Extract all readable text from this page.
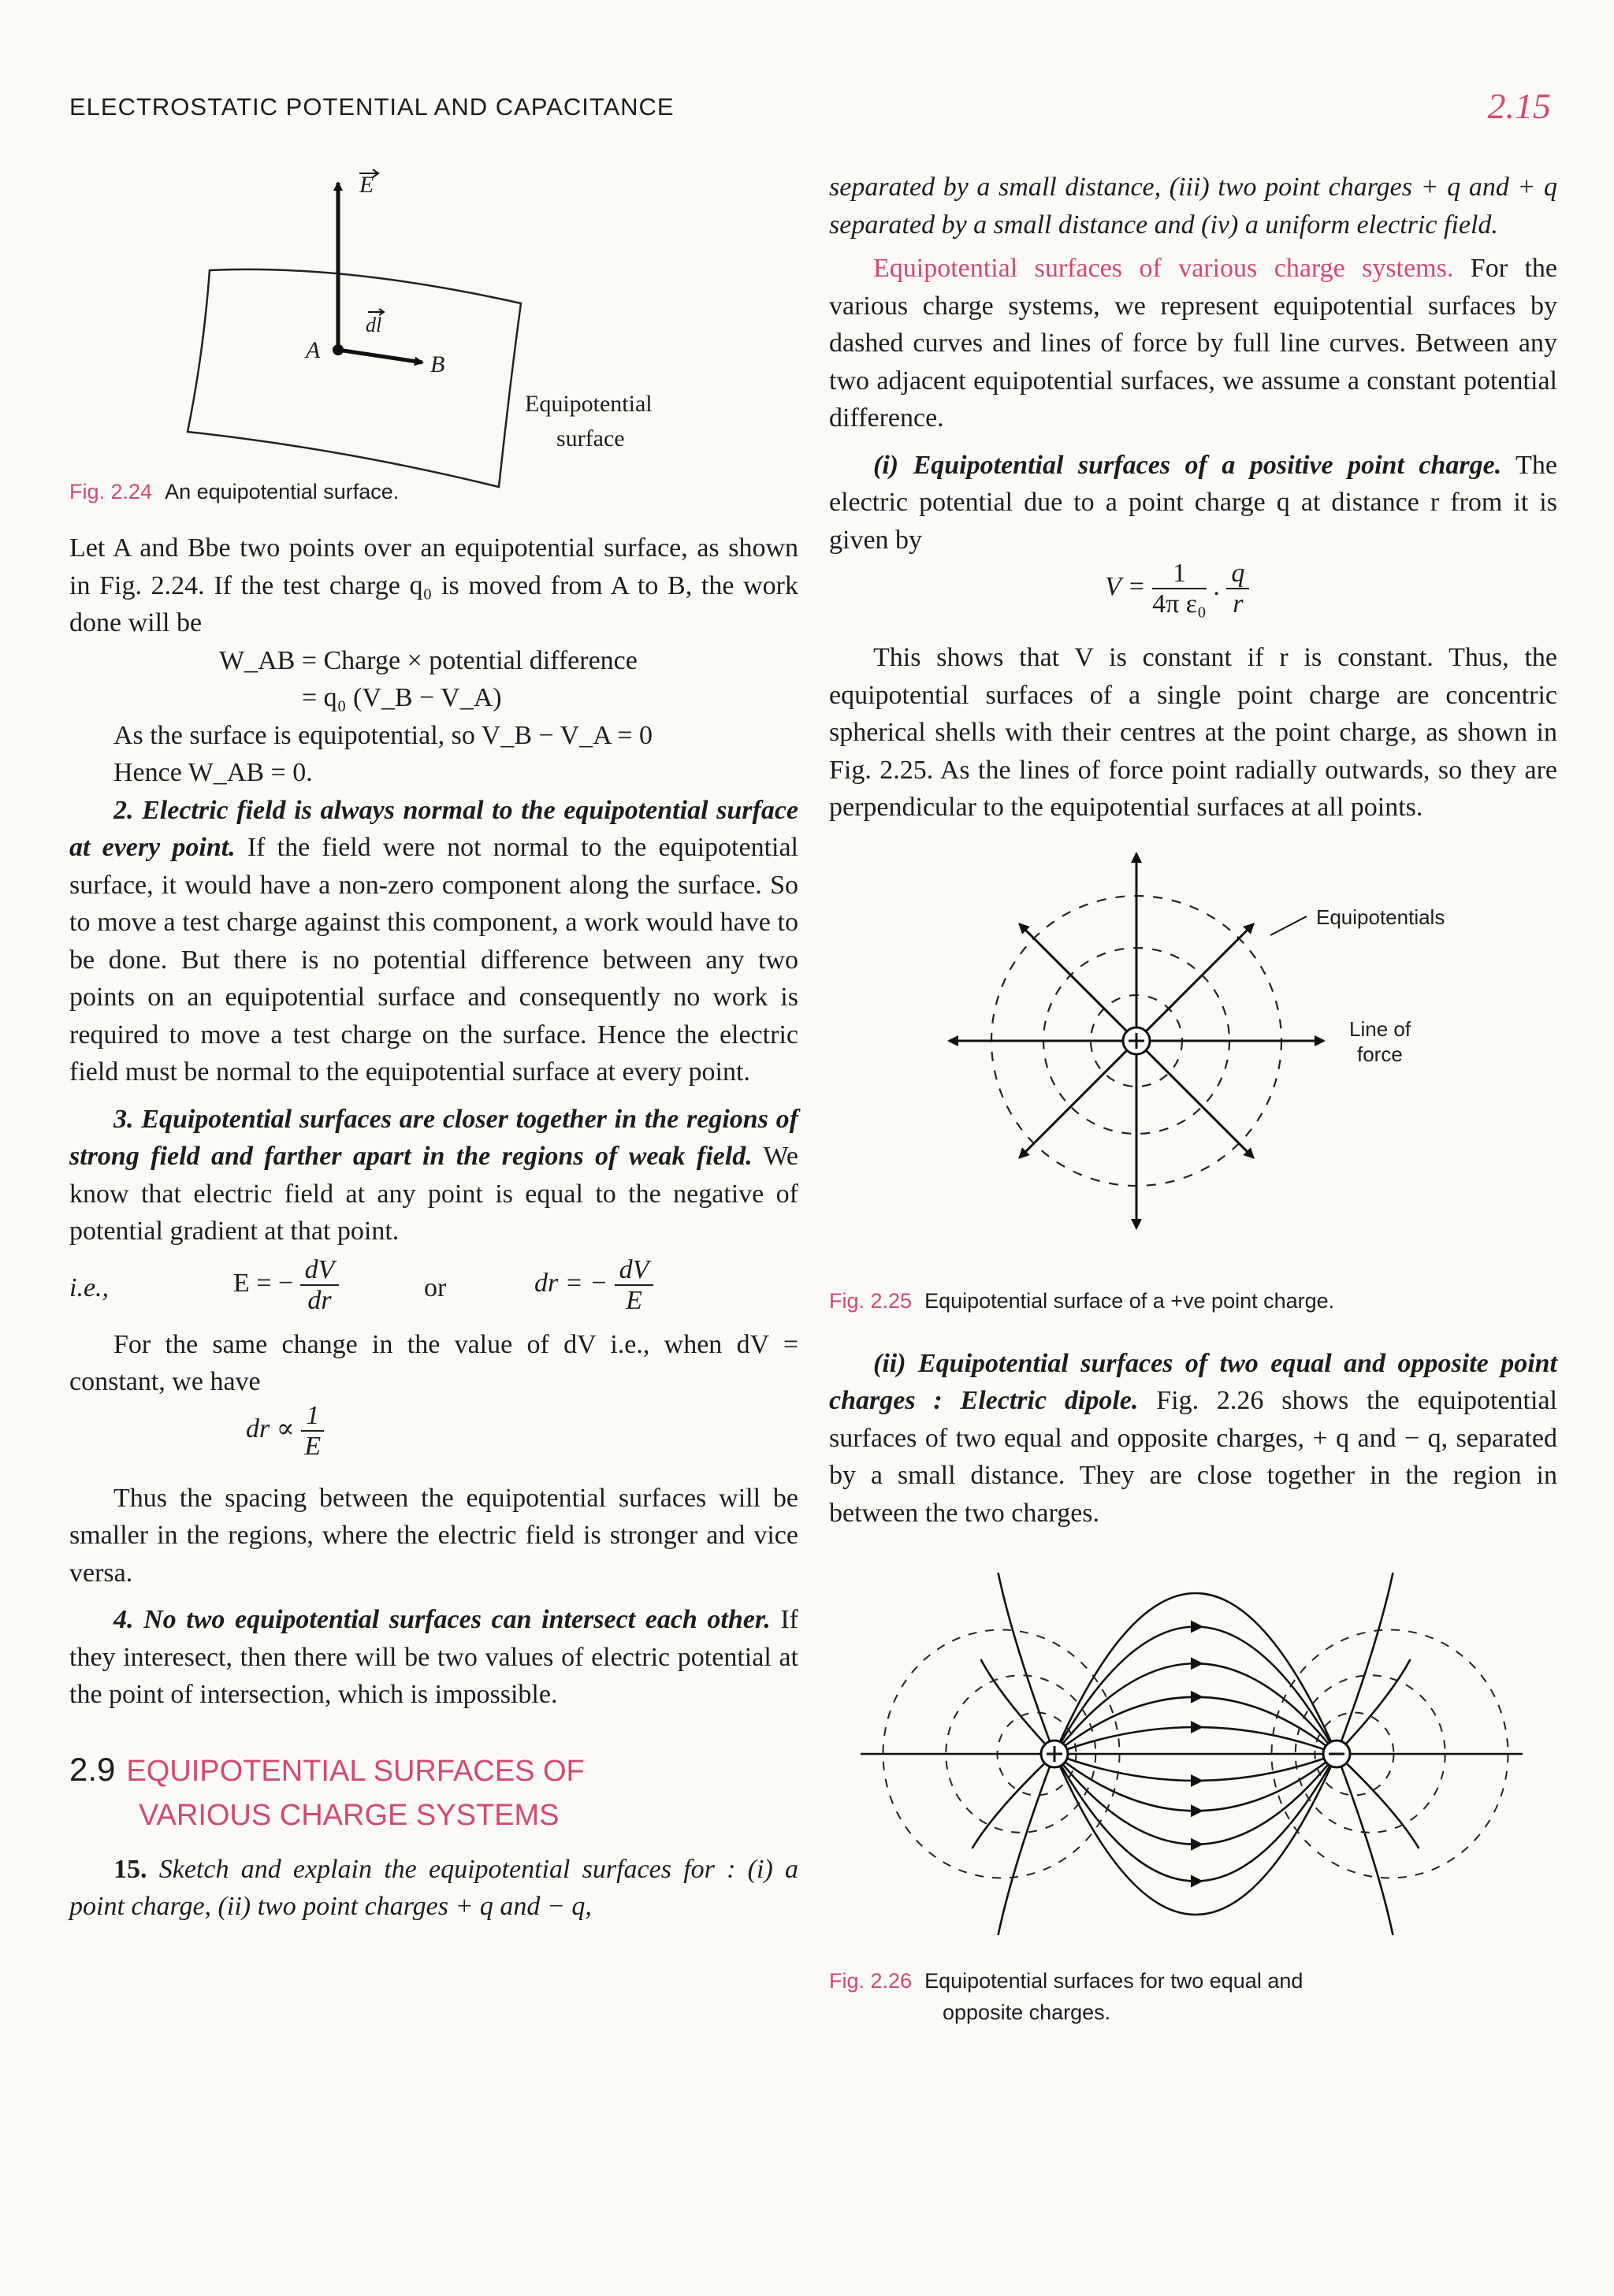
ELECTROSTATIC POTENTIAL AND CAPACITANCE	2.15
E
dl
A
B
Equipotential
surface
Fig. 2.24 An equipotential surface.

Let A and Bbe two points over an equipotential surface, as shown in Fig. 2.24. If the test charge q₀ is moved from A to B, the work done will be

W_AB = Charge × potential difference

= q₀ (V_B − V_A)

As the surface is equipotential, so V_B − V_A = 0

Hence W_AB = 0.

2. Electric field is always normal to the equipotential surface at every point. If the field were not normal to the equipotential surface, it would have a non-zero component along the surface. So to move a test charge against this component, a work would have to be done. But there is no potential difference between any two points on an equipotential surface and consequently no work is required to move a test charge on the surface. Hence the electric field must be normal to the equipotential surface at every point.

3. Equipotential surfaces are closer together in the regions of strong field and farther apart in the regions of weak field. We know that electric field at any point is equal to the negative of potential gradient at that point.

i.e.,	E = − $\frac{dV}{dr}$	or	dr = − $\frac{dV}{E}$

For the same change in the value of dV i.e., when dV = constant, we have

dr ∝ $\frac{1}{E}$

Thus the spacing between the equipotential surfaces will be smaller in the regions, where the electric field is stronger and vice versa.

4. No two equipotential surfaces can intersect each other. If they interesect, then there will be two values of electric potential at the point of intersection, which is impossible.

2.9 EQUIPOTENTIAL SURFACES OF
VARIOUS CHARGE SYSTEMS

15. Sketch and explain the equipotential surfaces for : (i) a point charge, (ii) two point charges + q and − q,

separated by a small distance, (iii) two point charges + q and + q separated by a small distance and (iv) a uniform electric field.

Equipotential surfaces of various charge systems. For the various charge systems, we represent equipotential surfaces by dashed curves and lines of force by full line curves. Between any two adjacent equipotential surfaces, we assume a constant potential difference.

(i) Equipotential surfaces of a positive point charge. The electric potential due to a point charge q at distance r from it is given by

$V = \frac{1}{\text{4π ε₀}}$ . $\frac{q}{r}$

This shows that V is constant if r is constant. Thus, the equipotential surfaces of a single point charge are concentric spherical shells with their centres at the point charge, as shown in Fig. 2.25. As the lines of force point radially outwards, so they are perpendicular to the equipotential surfaces at all points.

Equipotentials
Line of
force
Fig. 2.25 Equipotential surface of a +ve point charge.

(ii) Equipotential surfaces of two equal and opposite point charges : Electric dipole. Fig. 2.26 shows the equipotential surfaces of two equal and opposite charges, + q and − q, separated by a small distance. They are close together in the region in between the two charges.

Fig. 2.26 Equipotential surfaces for two equal and
opposite charges.
